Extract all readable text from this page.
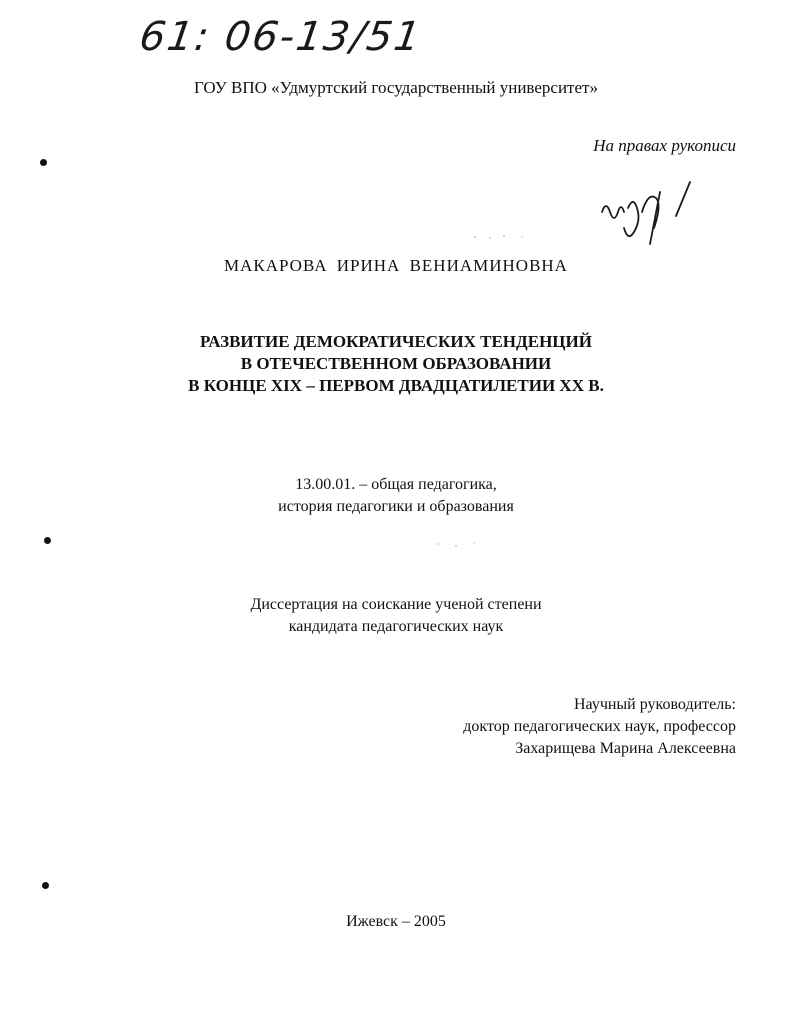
61: 06-13/51
ГОУ ВПО «Удмуртский государственный университет»
На правах рукописи
МАКАРОВА ИРИНА ВЕНИАМИНОВНА
РАЗВИТИЕ ДЕМОКРАТИЧЕСКИХ ТЕНДЕНЦИЙ
В ОТЕЧЕСТВЕННОМ ОБРАЗОВАНИИ
В КОНЦЕ XIX – ПЕРВОМ ДВАДЦАТИЛЕТИИ XX В.
13.00.01. – общая педагогика,
история педагогики и образования
Диссертация на соискание ученой степени
кандидата педагогических наук
Научный руководитель:
доктор педагогических наук, профессор
Захарищева Марина Алексеевна
Ижевск – 2005
